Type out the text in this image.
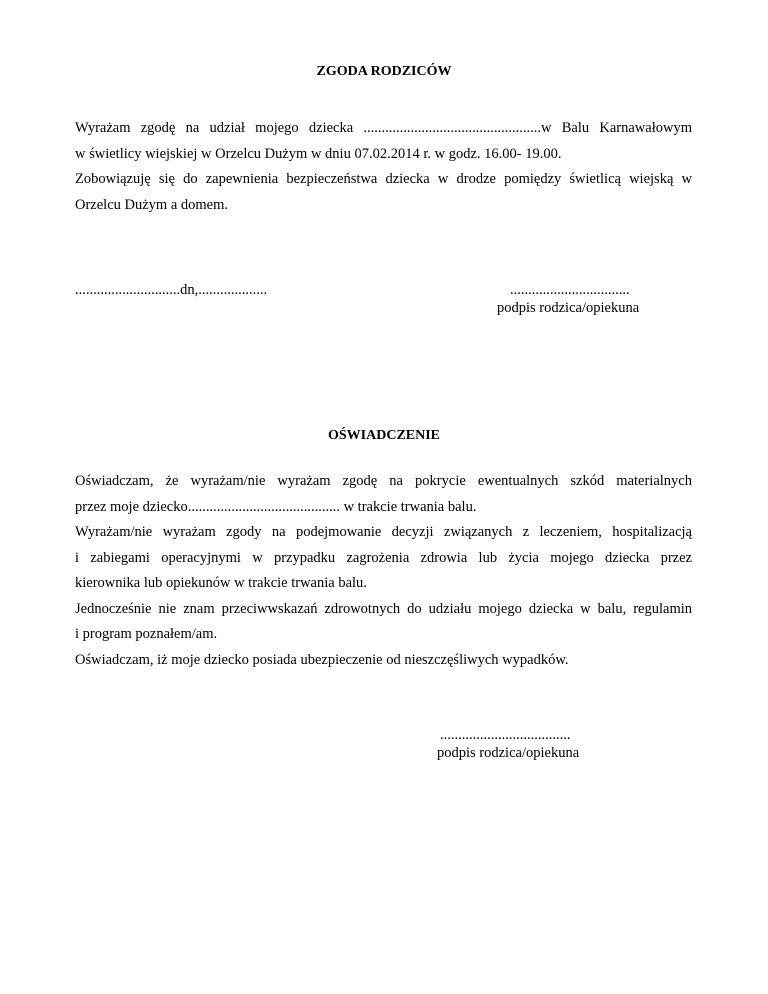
ZGODA RODZICÓW
Wyrażam zgodę na udział mojego dziecka .................................................w Balu Karnawałowym
w świetlicy wiejskiej w Orzelcu Dużym w dniu 07.02.2014 r. w godz. 16.00- 19.00.
Zobowiązuję się do zapewnienia bezpieczeństwa dziecka w drodze pomiędzy świetlicą wiejską w
Orzelcu Dużym a domem.
.............................dn,...................	.................................
podpis rodzica/opiekuna
OŚWIADCZENIE
Oświadczam, że wyrażam/nie wyrażam zgodę na pokrycie ewentualnych szkód materialnych
przez moje dziecko.......................................... w trakcie trwania balu.
Wyrażam/nie wyrażam zgody na podejmowanie decyzji związanych z leczeniem, hospitalizacją
i zabiegami operacyjnymi w przypadku zagrożenia zdrowia lub życia mojego dziecka przez
kierownika lub opiekunów w trakcie trwania balu.
Jednocześnie nie znam przeciwwskazań zdrowotnych do udziału mojego dziecka w balu, regulamin
i program poznałem/am.
Oświadczam, iż moje dziecko posiada ubezpieczenie od nieszczęśliwych wypadków.
....................................
podpis rodzica/opiekuna
